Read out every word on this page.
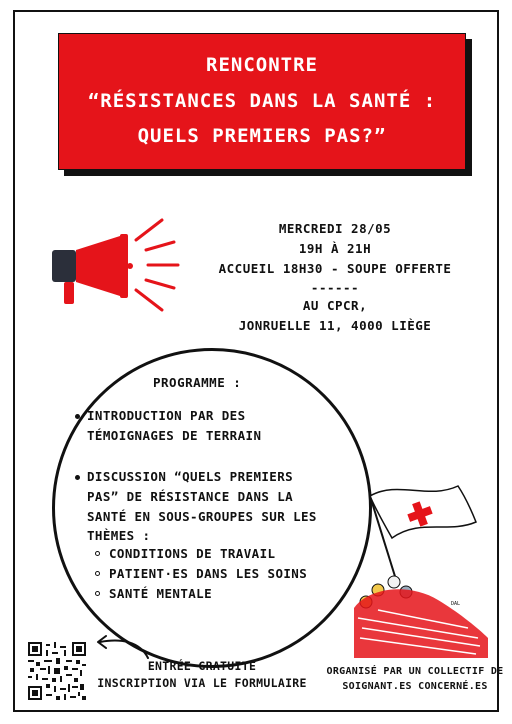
RENCONTRE
“RÉSISTANCES DANS LA SANTÉ :
QUELS PREMIERS PAS?”
MERCREDI 28/05
19H À 21H
ACCUEIL 18H30 - SOUPE OFFERTE
------
AU CPCR,
JONRUELLE 11, 4000 LIÈGE
PROGRAMME :
INTRODUCTION PAR DES
TÉMOIGNAGES DE TERRAIN
DISCUSSION “QUELS PREMIERS
PAS” DE RÉSISTANCE DANS LA
SANTÉ EN SOUS-GROUPES SUR LES
THÈMES :
CONDITIONS DE TRAVAIL
PATIENT·ES DANS LES SOINS
SANTÉ MENTALE
DAL
ENTRÉE GRATUITE
INSCRIPTION VIA LE FORMULAIRE
ORGANISÉ PAR UN COLLECTIF DE
SOIGNANT.ES CONCERNÉ.ES
